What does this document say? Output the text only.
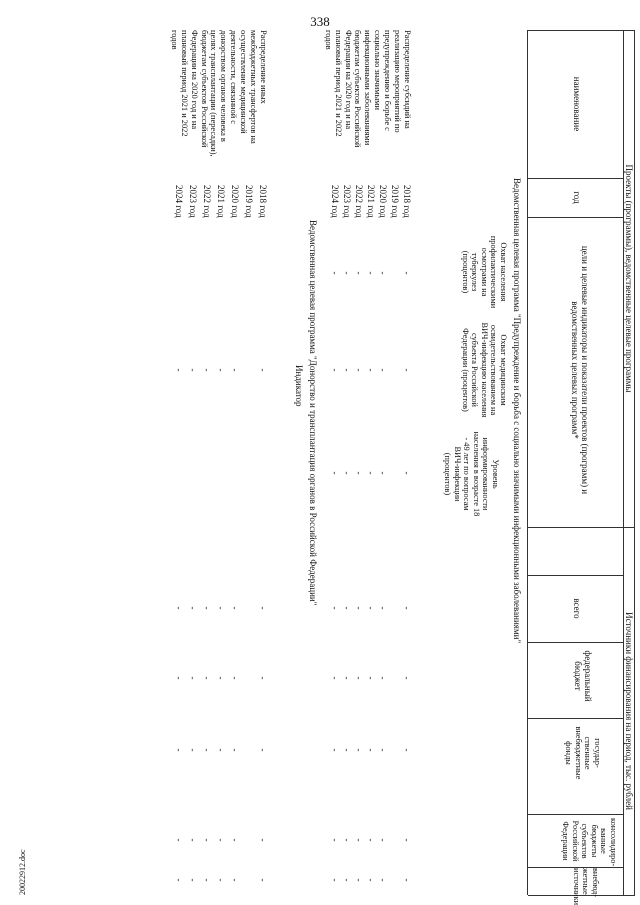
338
20022912.doc
Проекты (программы), ведомственные целевые программы
Источники финансирования на период, тыс. рублей
наименование
год
цели и целевые индикаторы и показатели проектов (программ) и ведомственных целевых программ*
всего
федеральный бюджет
государ-ственные внебюджетные фонды
консолидиро-ванные бюджеты субъектов Российской Федерации
внебюд-жетные источники
Ведомственная целевая программа "Предупреждение и борьба с социально значимыми инфекционными заболеваниями"
Охват населения профилактическими осмотрами на туберкулез (процентов)
Охват медицинским освидетельствованием на ВИЧ-инфекцию населения субъекта Российской Федерации (процентов)
Уровень информированности населения в возрасте 18 - 49 лет по вопросам ВИЧ-инфекции (процентов)
Распределение субсидий на реализацию мероприятий по предупреждению и борьбе с социально значимыми инфекционными заболеваниями бюджетам субъектов Российской Федерации на 2020 год и на плановый период 2021 и 2022 годов
2018 год
2019 год
2020 год
2021 год
2022 год
2023 год
2024 год
-
-
-
-
-
-
-
-
-
-
-
-
-
-
-
-
-
-
-
-
-
-
-
-
-
-
-
-
-
-
-
-
-
-
-
-
-
-
-
-
-
-
-
-
-
-
-
-
Ведомственная целевая программа "Донорство и трансплантация органов в Российской Федерации"
Индикатор
Распределение иных межбюджетных трансфертов на осуществление медицинской деятельности, связанной с донорством органов человека в целях трансплантации (пересадки), бюджетам субъектов Российской Федерации на 2020 год и на плановый период 2021 и 2022 годов
2018 год
2019 год
2020 год
2021 год
2022 год
2023 год
2024 год
-
-
-
-
-
-
-
-
-
-
-
-
-
-
-
-
-
-
-
-
-
-
-
-
-
-
-
-
-
-
-
-
-
-
-
-
